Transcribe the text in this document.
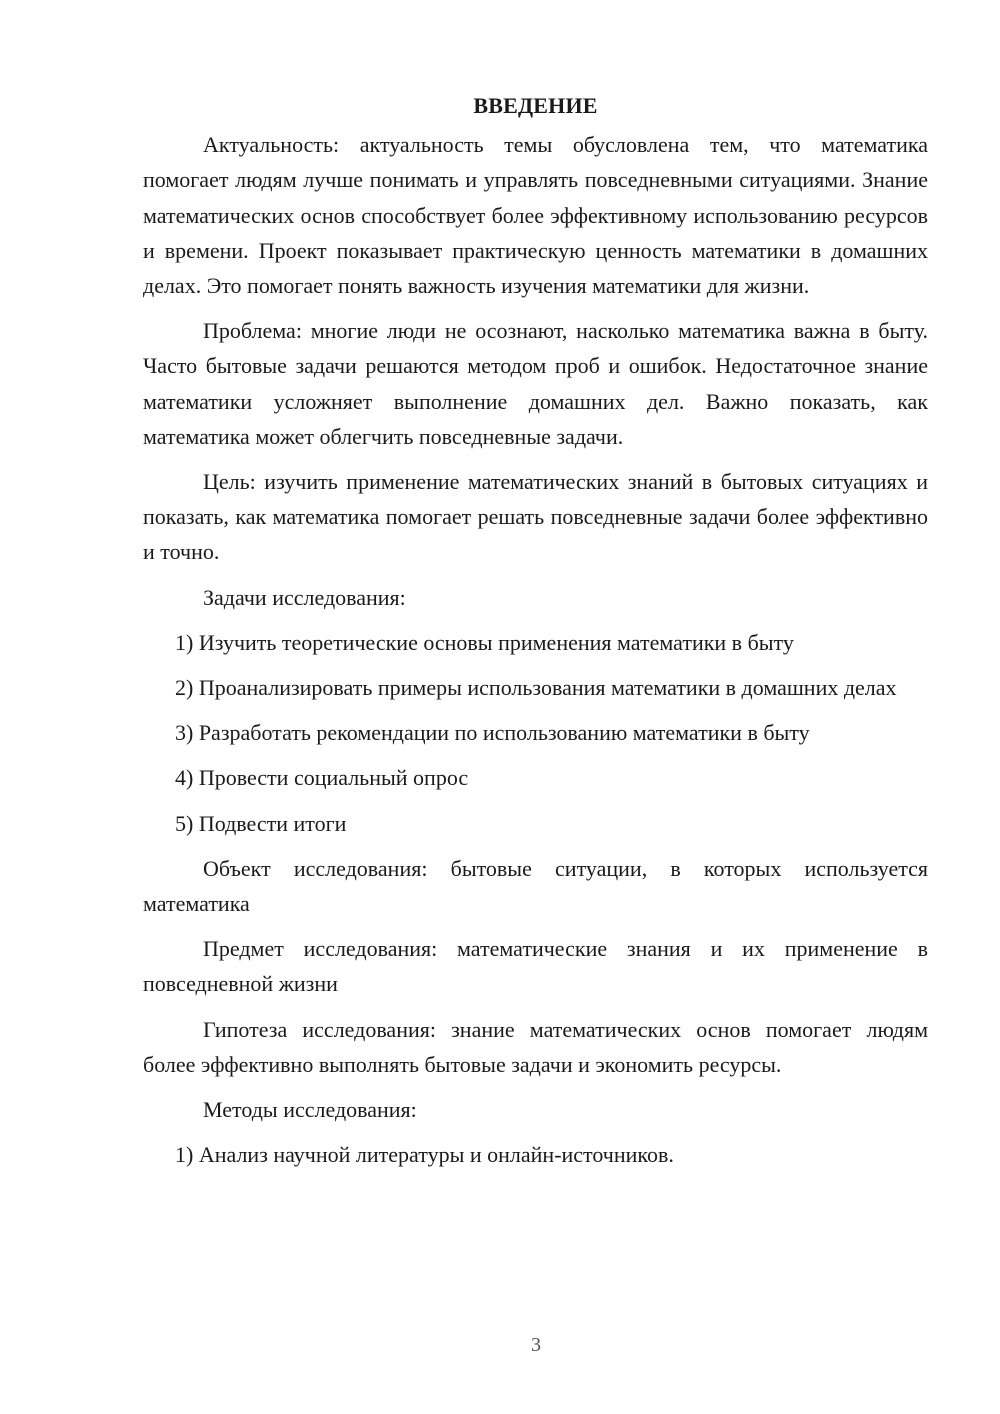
ВВЕДЕНИЕ

Актуальность: актуальность темы обусловлена тем, что математика помогает людям лучше понимать и управлять повседневными ситуациями. Знание математических основ способствует более эффективному использованию ресурсов и времени. Проект показывает практическую ценность математики в домашних делах. Это помогает понять важность изучения математики для жизни.

Проблема: многие люди не осознают, насколько математика важна в быту. Часто бытовые задачи решаются методом проб и ошибок. Недостаточное знание математики усложняет выполнение домашних дел. Важно показать, как математика может облегчить повседневные задачи.

Цель: изучить применение математических знаний в бытовых ситуациях и показать, как математика помогает решать повседневные задачи более эффективно и точно.

Задачи исследования:

1) Изучить теоретические основы применения математики в быту

2) Проанализировать примеры использования математики в домашних делах

3) Разработать рекомендации по использованию математики в быту

4) Провести социальный опрос

5) Подвести итоги

Объект исследования: бытовые ситуации, в которых используется математика

Предмет исследования: математические знания и их применение в повседневной жизни

Гипотеза исследования: знание математических основ помогает людям более эффективно выполнять бытовые задачи и экономить ресурсы.

Методы исследования:

1) Анализ научной литературы и онлайн-источников.

3
